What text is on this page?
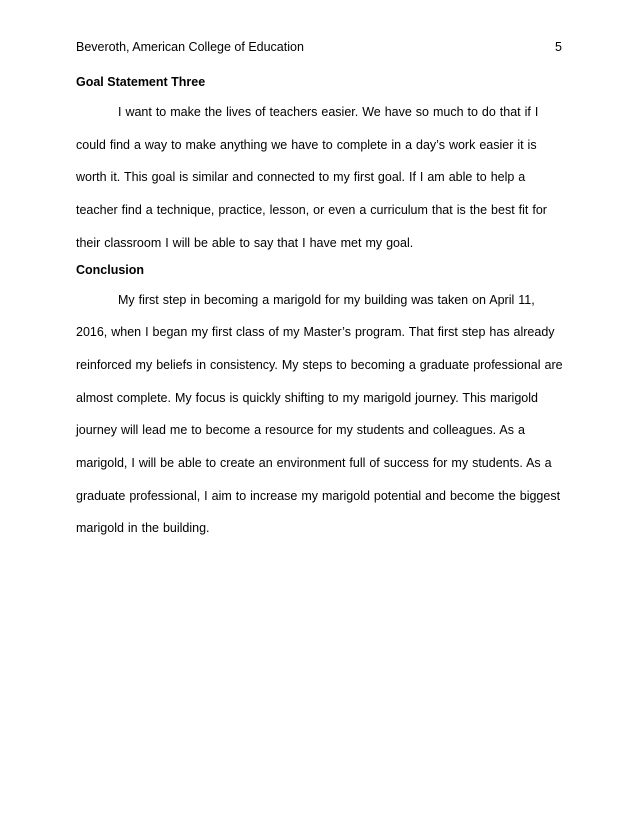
Beveroth, American College of Education	5
Goal Statement Three

I want to make the lives of teachers easier. We have so much to do that if I could find a way to make anything we have to complete in a day’s work easier it is worth it. This goal is similar and connected to my first goal. If I am able to help a teacher find a technique, practice, lesson, or even a curriculum that is the best fit for their classroom I will be able to say that I have met my goal.

Conclusion

My first step in becoming a marigold for my building was taken on April 11, 2016, when I began my first class of my Master’s program. That first step has already reinforced my beliefs in consistency. My steps to becoming a graduate professional are almost complete. My focus is quickly shifting to my marigold journey. This marigold journey will lead me to become a resource for my students and colleagues. As a marigold, I will be able to create an environment full of success for my students. As a graduate professional, I aim to increase my marigold potential and become the biggest marigold in the building.
